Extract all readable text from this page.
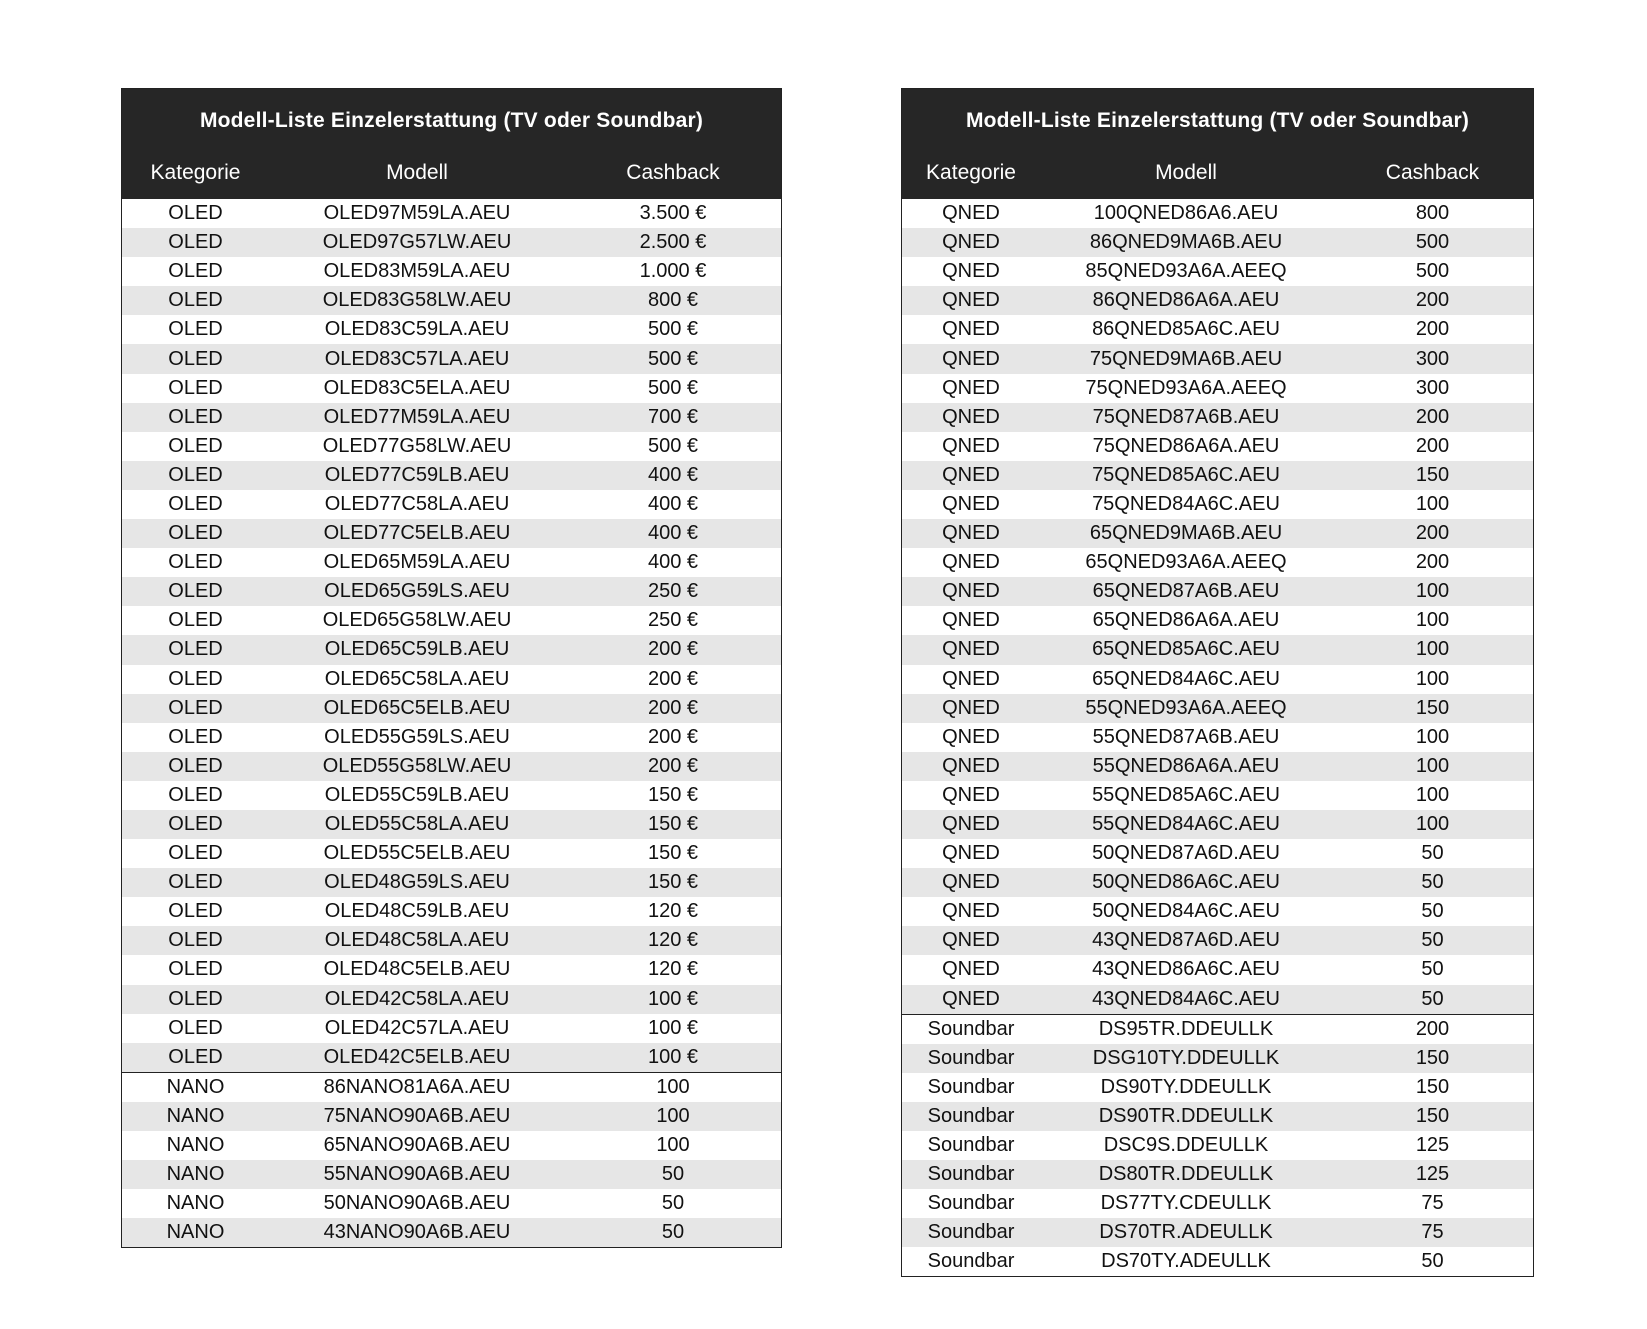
Modell-Liste Einzelerstattung (TV oder Soundbar)
Kategorie	Modell	Cashback
OLED	OLED97M59LA.AEU	3.500 €
OLED	OLED97G57LW.AEU	2.500 €
OLED	OLED83M59LA.AEU	1.000 €
OLED	OLED83G58LW.AEU	800 €
OLED	OLED83C59LA.AEU	500 €
OLED	OLED83C57LA.AEU	500 €
OLED	OLED83C5ELA.AEU	500 €
OLED	OLED77M59LA.AEU	700 €
OLED	OLED77G58LW.AEU	500 €
OLED	OLED77C59LB.AEU	400 €
OLED	OLED77C58LA.AEU	400 €
OLED	OLED77C5ELB.AEU	400 €
OLED	OLED65M59LA.AEU	400 €
OLED	OLED65G59LS.AEU	250 €
OLED	OLED65G58LW.AEU	250 €
OLED	OLED65C59LB.AEU	200 €
OLED	OLED65C58LA.AEU	200 €
OLED	OLED65C5ELB.AEU	200 €
OLED	OLED55G59LS.AEU	200 €
OLED	OLED55G58LW.AEU	200 €
OLED	OLED55C59LB.AEU	150 €
OLED	OLED55C58LA.AEU	150 €
OLED	OLED55C5ELB.AEU	150 €
OLED	OLED48G59LS.AEU	150 €
OLED	OLED48C59LB.AEU	120 €
OLED	OLED48C58LA.AEU	120 €
OLED	OLED48C5ELB.AEU	120 €
OLED	OLED42C58LA.AEU	100 €
OLED	OLED42C57LA.AEU	100 €
OLED	OLED42C5ELB.AEU	100 €
NANO	86NANO81A6A.AEU	100
NANO	75NANO90A6B.AEU	100
NANO	65NANO90A6B.AEU	100
NANO	55NANO90A6B.AEU	50
NANO	50NANO90A6B.AEU	50
NANO	43NANO90A6B.AEU	50
Modell-Liste Einzelerstattung (TV oder Soundbar)
Kategorie	Modell	Cashback
QNED	100QNED86A6.AEU	800
QNED	86QNED9MA6B.AEU	500
QNED	85QNED93A6A.AEEQ	500
QNED	86QNED86A6A.AEU	200
QNED	86QNED85A6C.AEU	200
QNED	75QNED9MA6B.AEU	300
QNED	75QNED93A6A.AEEQ	300
QNED	75QNED87A6B.AEU	200
QNED	75QNED86A6A.AEU	200
QNED	75QNED85A6C.AEU	150
QNED	75QNED84A6C.AEU	100
QNED	65QNED9MA6B.AEU	200
QNED	65QNED93A6A.AEEQ	200
QNED	65QNED87A6B.AEU	100
QNED	65QNED86A6A.AEU	100
QNED	65QNED85A6C.AEU	100
QNED	65QNED84A6C.AEU	100
QNED	55QNED93A6A.AEEQ	150
QNED	55QNED87A6B.AEU	100
QNED	55QNED86A6A.AEU	100
QNED	55QNED85A6C.AEU	100
QNED	55QNED84A6C.AEU	100
QNED	50QNED87A6D.AEU	50
QNED	50QNED86A6C.AEU	50
QNED	50QNED84A6C.AEU	50
QNED	43QNED87A6D.AEU	50
QNED	43QNED86A6C.AEU	50
QNED	43QNED84A6C.AEU	50
Soundbar	DS95TR.DDEULLK	200
Soundbar	DSG10TY.DDEULLK	150
Soundbar	DS90TY.DDEULLK	150
Soundbar	DS90TR.DDEULLK	150
Soundbar	DSC9S.DDEULLK	125
Soundbar	DS80TR.DDEULLK	125
Soundbar	DS77TY.CDEULLK	75
Soundbar	DS70TR.ADEULLK	75
Soundbar	DS70TY.ADEULLK	50
